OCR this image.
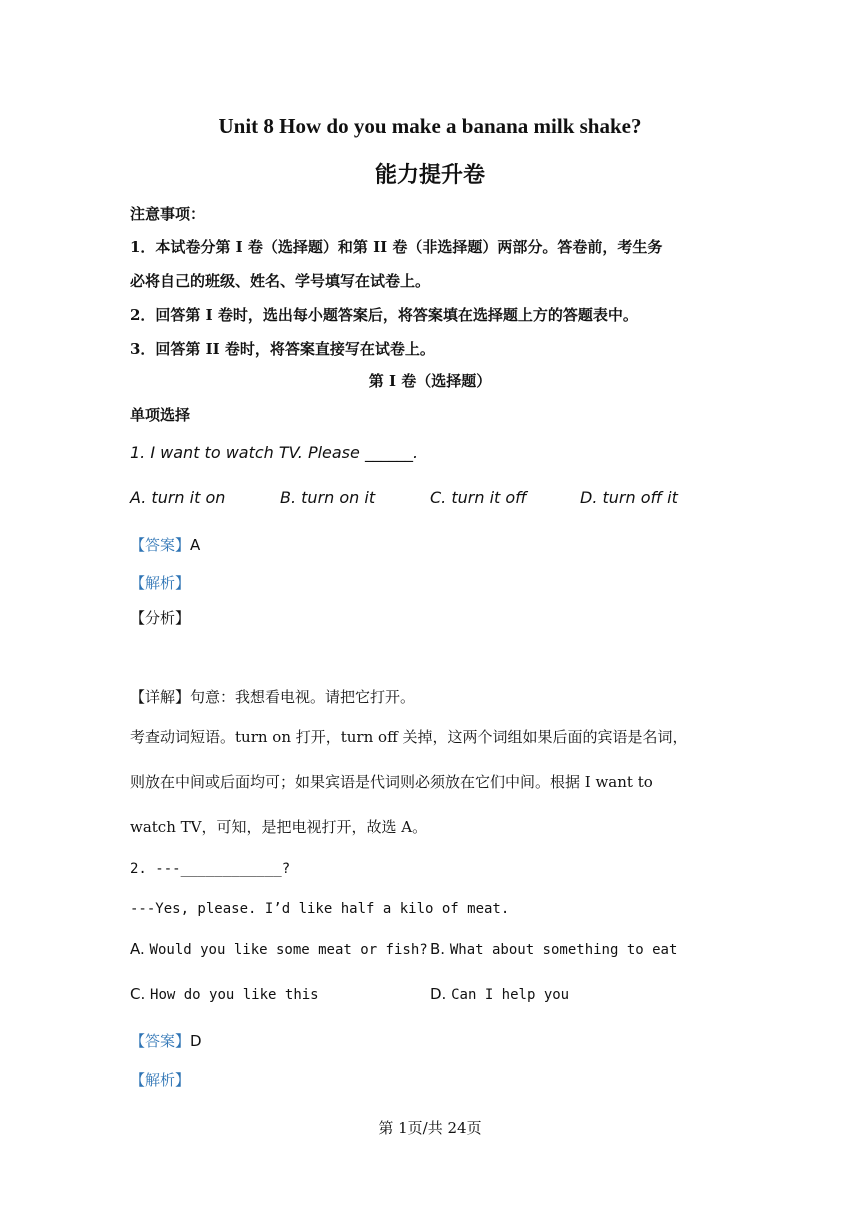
Unit 8 How do you make a banana milk shake?
能力提升卷
注意事项：
1．本试卷分第 I 卷（选择题）和第 II 卷（非选择题）两部分。答卷前，考生务
必将自己的班级、姓名、学号填写在试卷上。
2．回答第 I 卷时，选出每小题答案后，将答案填在选择题上方的答题表中。
3．回答第 II 卷时，将答案直接写在试卷上。
第 I 卷（选择题）
单项选择
1. I want to watch TV. Please ______.
A. turn it on	B. turn on it	C. turn it off	D. turn off it
【答案】A
【解析】
【分析】
【详解】句意：我想看电视。请把它打开。
考查动词短语。turn on 打开，turn off 关掉，这两个词组如果后面的宾语是名词，
则放在中间或后面均可；如果宾语是代词则必须放在它们中间。根据 I want to
watch TV，可知，是把电视打开，故选 A。
2. ---____________?
---Yes, please. I’d like half a kilo of meat.
A. Would you like some meat or fish? B. What about something to eat
C. How do you like this	D. Can I help you
【答案】D
【解析】
第 1页/共 24页
